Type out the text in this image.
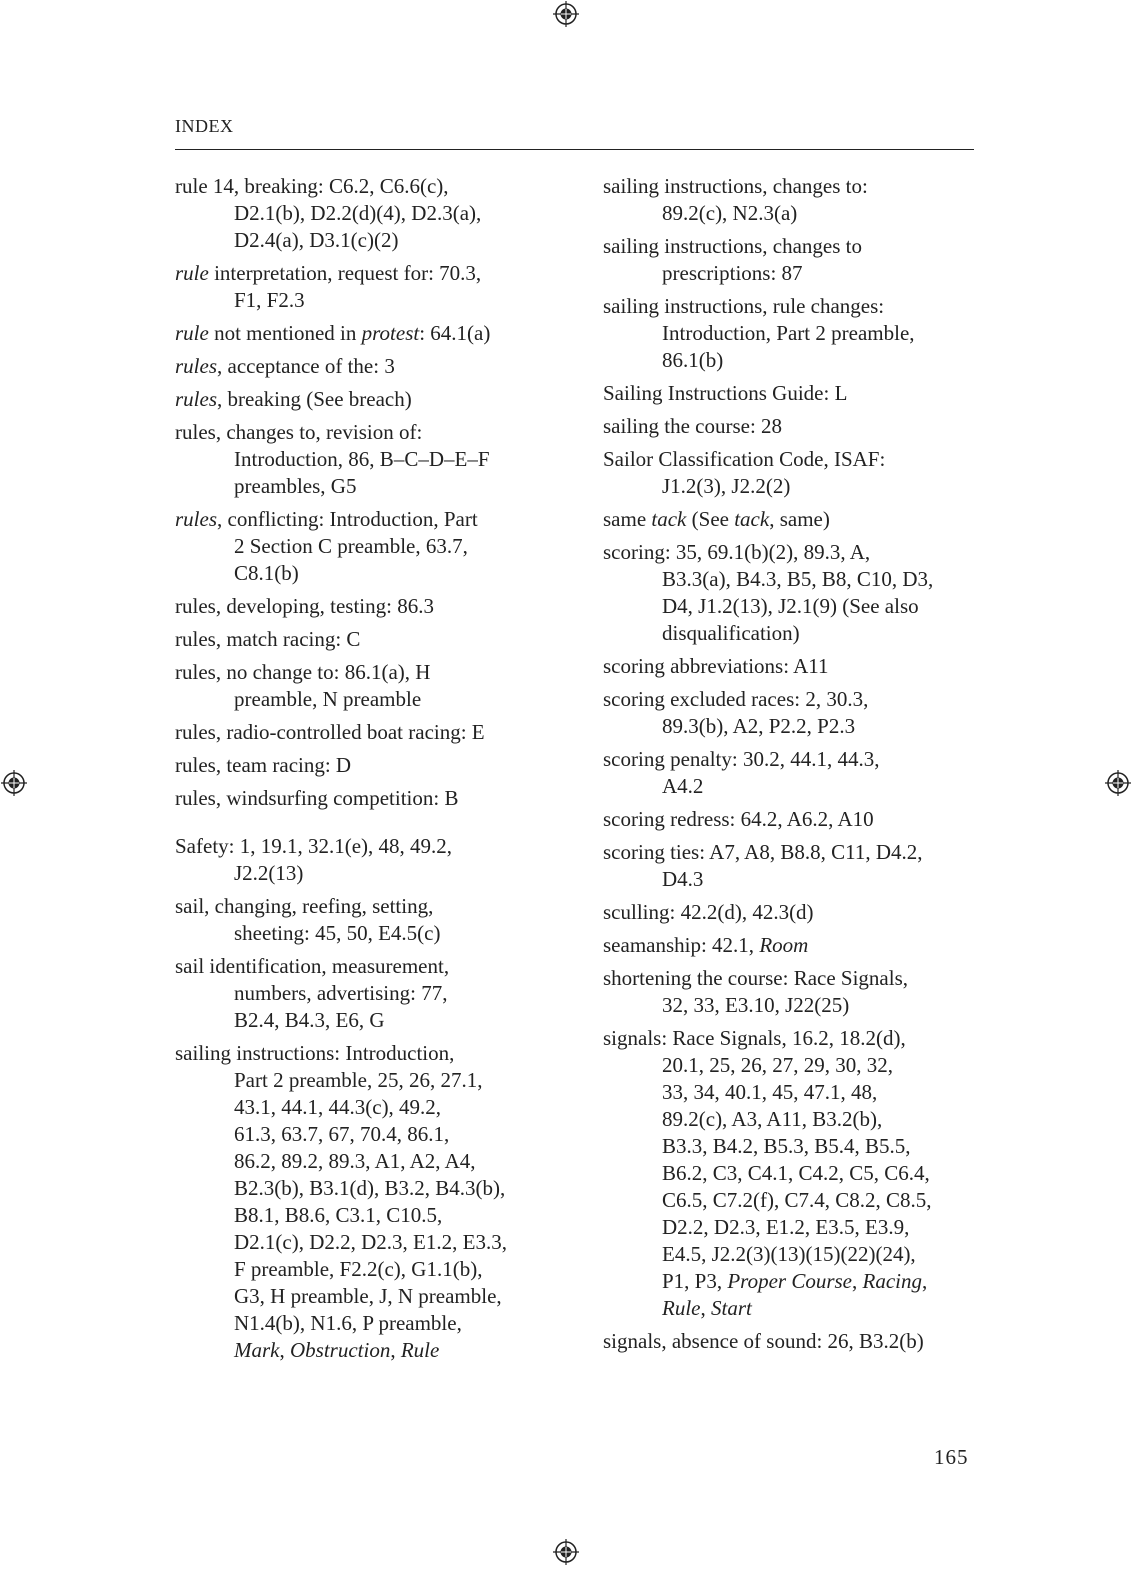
INDEX
rule 14, breaking: C6.2, C6.6(c),
D2.1(b), D2.2(d)(4), D2.3(a),
D2.4(a), D3.1(c)(2)
rule interpretation, request for: 70.3,
F1, F2.3
rule not mentioned in protest: 64.1(a)
rules, acceptance of the: 3
rules, breaking (See breach)
rules, changes to, revision of:
Introduction, 86, B–C–D–E–F
preambles, G5
rules, conflicting: Introduction, Part
2 Section C preamble, 63.7,
C8.1(b)
rules, developing, testing: 86.3
rules, match racing: C
rules, no change to: 86.1(a), H
preamble, N preamble
rules, radio-controlled boat racing: E
rules, team racing: D
rules, windsurfing competition: B
Safety: 1, 19.1, 32.1(e), 48, 49.2,
J2.2(13)
sail, changing, reefing, setting,
sheeting: 45, 50, E4.5(c)
sail identification, measurement,
numbers, advertising: 77,
B2.4, B4.3, E6, G
sailing instructions: Introduction,
Part 2 preamble, 25, 26, 27.1,
43.1, 44.1, 44.3(c), 49.2,
61.3, 63.7, 67, 70.4, 86.1,
86.2, 89.2, 89.3, A1, A2, A4,
B2.3(b), B3.1(d), B3.2, B4.3(b),
B8.1, B8.6, C3.1, C10.5,
D2.1(c), D2.2, D2.3, E1.2, E3.3,
F preamble, F2.2(c), G1.1(b),
G3, H preamble, J, N preamble,
N1.4(b), N1.6, P preamble,
Mark, Obstruction, Rule
sailing instructions, changes to:
89.2(c), N2.3(a)
sailing instructions, changes to
prescriptions: 87
sailing instructions, rule changes:
Introduction, Part 2 preamble,
86.1(b)
Sailing Instructions Guide: L
sailing the course: 28
Sailor Classification Code, ISAF:
J1.2(3), J2.2(2)
same tack (See tack, same)
scoring: 35, 69.1(b)(2), 89.3, A,
B3.3(a), B4.3, B5, B8, C10, D3,
D4, J1.2(13), J2.1(9) (See also
disqualification)
scoring abbreviations: A11
scoring excluded races: 2, 30.3,
89.3(b), A2, P2.2, P2.3
scoring penalty: 30.2, 44.1, 44.3,
A4.2
scoring redress: 64.2, A6.2, A10
scoring ties: A7, A8, B8.8, C11, D4.2,
D4.3
sculling: 42.2(d), 42.3(d)
seamanship: 42.1, Room
shortening the course: Race Signals,
32, 33, E3.10, J22(25)
signals: Race Signals, 16.2, 18.2(d),
20.1, 25, 26, 27, 29, 30, 32,
33, 34, 40.1, 45, 47.1, 48,
89.2(c), A3, A11, B3.2(b),
B3.3, B4.2, B5.3, B5.4, B5.5,
B6.2, C3, C4.1, C4.2, C5, C6.4,
C6.5, C7.2(f), C7.4, C8.2, C8.5,
D2.2, D2.3, E1.2, E3.5, E3.9,
E4.5, J2.2(3)(13)(15)(22)(24),
P1, P3, Proper Course, Racing,
Rule, Start
signals, absence of sound: 26, B3.2(b)
165
